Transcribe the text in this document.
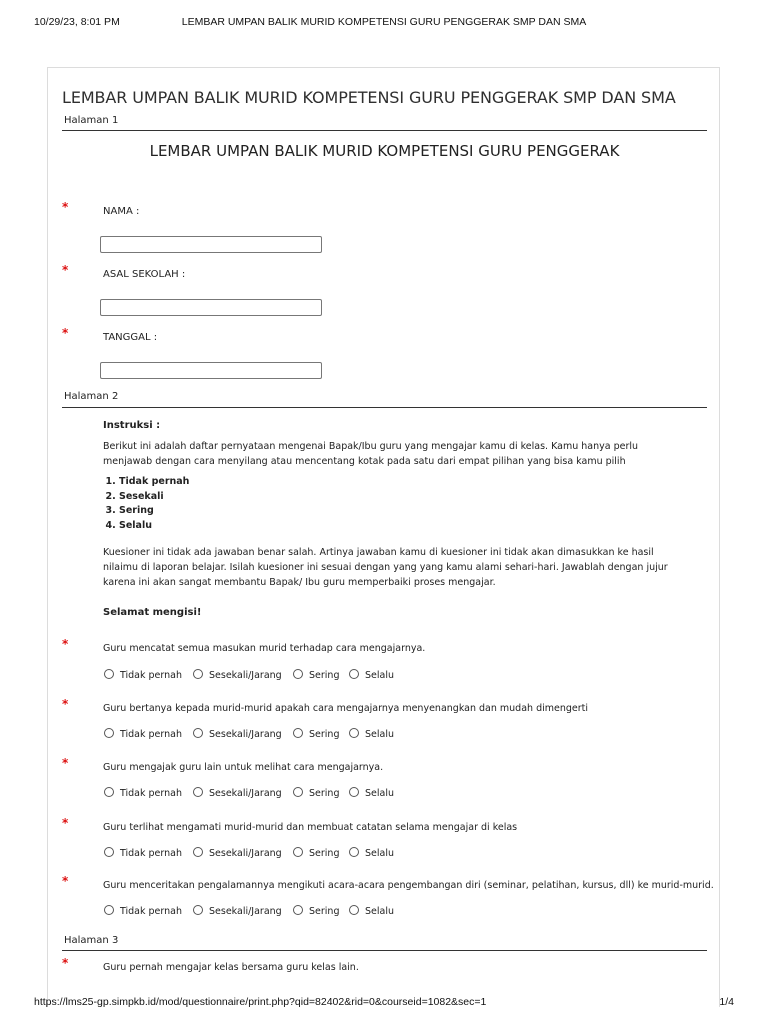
10/29/23, 8:01 PM	LEMBAR UMPAN BALIK MURID KOMPETENSI GURU PENGGERAK SMP DAN SMA
LEMBAR UMPAN BALIK MURID KOMPETENSI GURU PENGGERAK SMP DAN SMA
Halaman 1
LEMBAR UMPAN BALIK MURID KOMPETENSI GURU PENGGERAK
*	NAMA :
*	ASAL SEKOLAH :
*	TANGGAL :
Halaman 2
Instruksi :
Berikut ini adalah daftar pernyataan mengenai Bapak/Ibu guru yang mengajar kamu di kelas. Kamu hanya perlu menjawab dengan cara menyilang atau mencentang kotak pada satu dari empat pilihan yang bisa kamu pilih
1. Tidak pernah
2. Sesekali
3. Sering
4. Selalu
Kuesioner ini tidak ada jawaban benar salah. Artinya jawaban kamu di kuesioner ini tidak akan dimasukkan ke hasil nilaimu di laporan belajar. Isilah kuesioner ini sesuai dengan yang yang kamu alami sehari-hari. Jawablah dengan jujur karena ini akan sangat membantu Bapak/ Ibu guru memperbaiki proses mengajar.
Selamat mengisi!
*	Guru mencatat semua masukan murid terhadap cara mengajarnya.
Tidak pernah	Sesekali/Jarang	Sering	Selalu
*	Guru bertanya kepada murid-murid apakah cara mengajarnya menyenangkan dan mudah dimengerti
Tidak pernah	Sesekali/Jarang	Sering	Selalu
*	Guru mengajak guru lain untuk melihat cara mengajarnya.
Tidak pernah	Sesekali/Jarang	Sering	Selalu
*	Guru terlihat mengamati murid-murid dan membuat catatan selama mengajar di kelas
Tidak pernah	Sesekali/Jarang	Sering	Selalu
*	Guru menceritakan pengalamannya mengikuti acara-acara pengembangan diri (seminar, pelatihan, kursus, dll) ke murid-murid.
Tidak pernah	Sesekali/Jarang	Sering	Selalu
Halaman 3
*	Guru pernah mengajar kelas bersama guru kelas lain.
https://lms25-gp.simpkb.id/mod/questionnaire/print.php?qid=82402&rid=0&courseid=1082&sec=1	1/4
